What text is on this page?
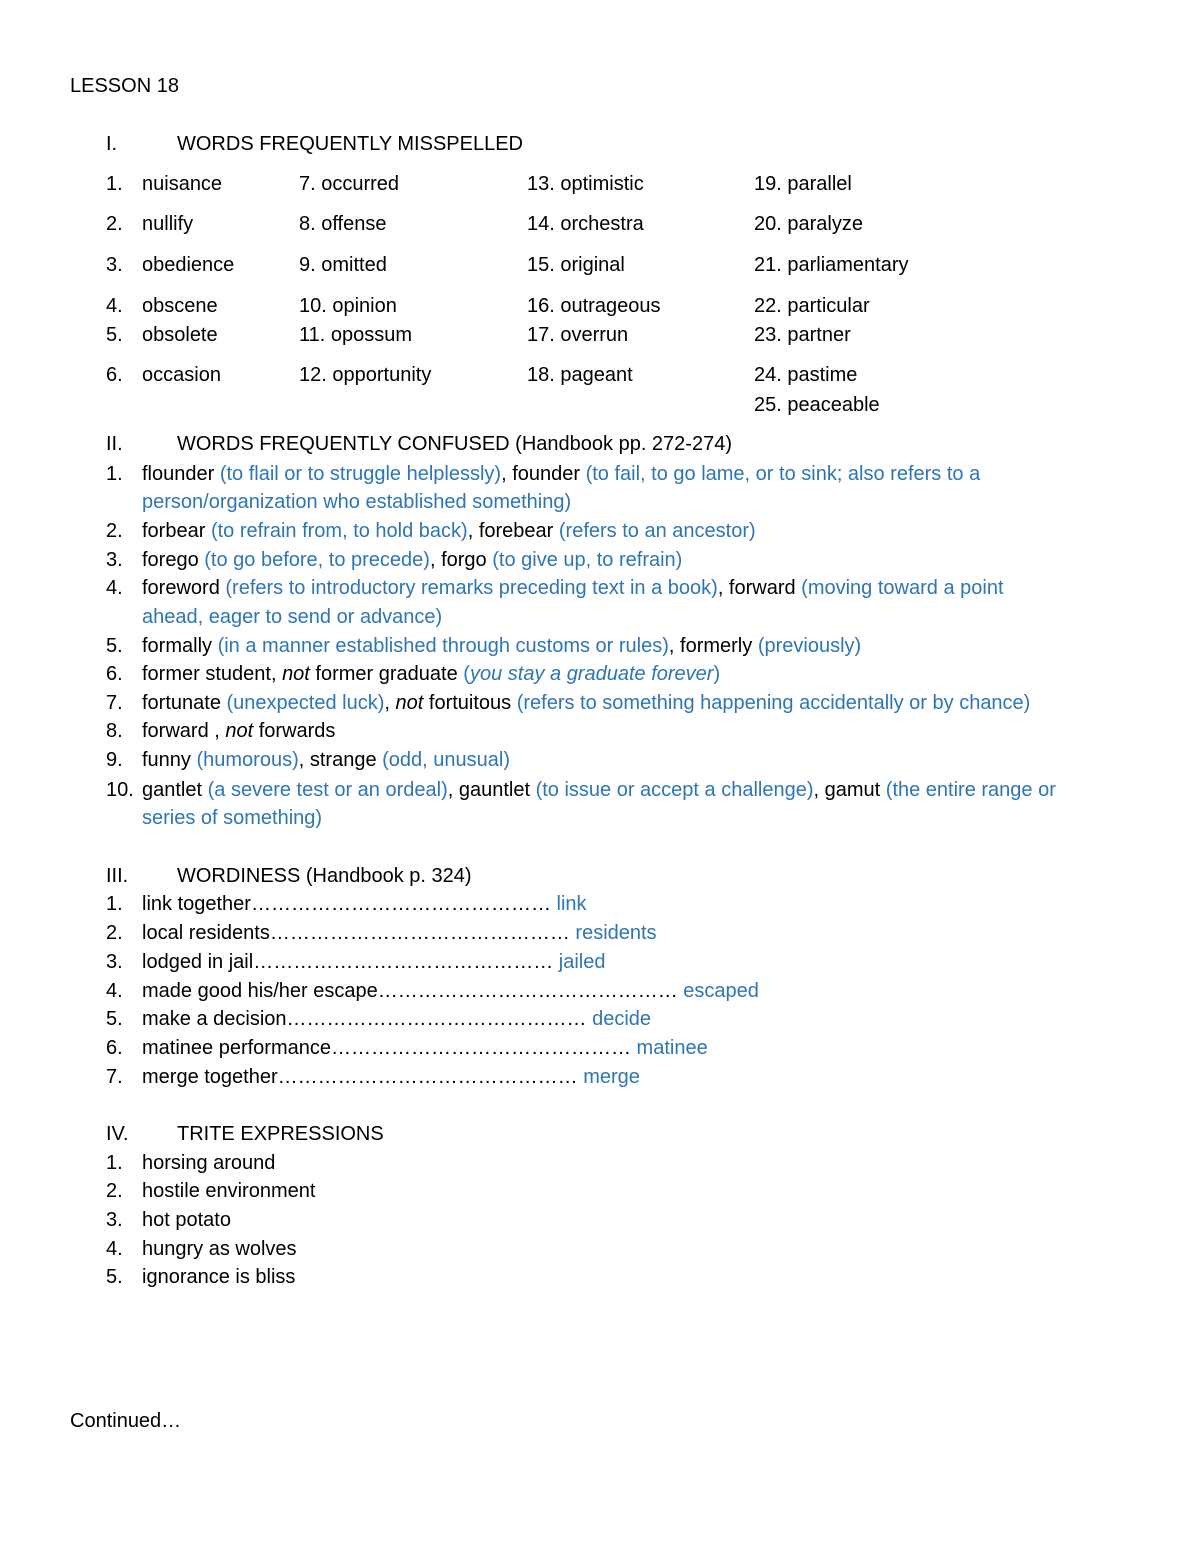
LESSON 18
I.	WORDS FREQUENTLY MISSPELLED
1. nuisance
2. nullify
3. obedience
4. obscene
5. obsolete
6. occasion
7. occurred
8. offense
9. omitted
10. opinion
11. opossum
12. opportunity
13. optimistic
14. orchestra
15. original
16. outrageous
17. overrun
18. pageant
19. parallel
20. paralyze
21. parliamentary
22. particular
23. partner
24. pastime
25. peaceable
II.	WORDS FREQUENTLY CONFUSED (Handbook pp. 272-274)
1. flounder (to flail or to struggle helplessly), founder (to fail, to go lame, or to sink; also refers to a
person/organization who established something)
2. forbear (to refrain from, to hold back), forebear (refers to an ancestor)
3. forego (to go before, to precede), forgo (to give up, to refrain)
4. foreword (refers to introductory remarks preceding text in a book), forward (moving toward a point
ahead, eager to send or advance)
5. formally (in a manner established through customs or rules), formerly (previously)
6. former student, not former graduate (you stay a graduate forever)
7. fortunate (unexpected luck), not fortuitous (refers to something happening accidentally or by chance)
8. forward , not forwards
9. funny (humorous), strange (odd, unusual)
10. gantlet (a severe test or an ordeal), gauntlet (to issue or accept a challenge), gamut (the entire range or
series of something)
III. WORDINESS (Handbook p. 324)
1. link together……………………………………… link
2. local residents……………………………………… residents
3. lodged in jail……………………………………… jailed
4. made good his/her escape……………………………………… escaped
5. make a decision……………………………………… decide
6. matinee performance……………………………………… matinee
7. merge together……………………………………… merge
IV. TRITE EXPRESSIONS
1. horsing around
2. hostile environment
3. hot potato
4. hungry as wolves
5. ignorance is bliss
Continued…
